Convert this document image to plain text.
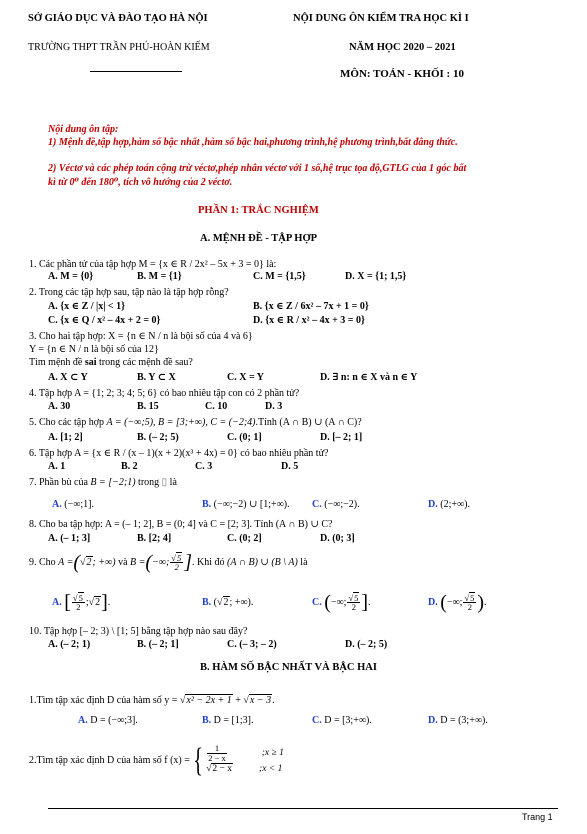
SỞ GIÁO DỤC VÀ ĐÀO TẠO HÀ NỘI
TRƯỜNG THPT TRẦN PHÚ-HOÀN KIẾM
NỘI DUNG ÔN KIỂM TRA HỌC KÌ I
NĂM HỌC 2020 – 2021
MÔN: TOÁN - KHỐI : 10
Nội dung ôn tập:
1) Mệnh đề,tập hợp,hàm số bậc nhất ,hàm số bậc hai,phương trình,hệ phương trình,bất đẳng thức.
2) Véctơ và các phép toán cộng trừ véctơ,phép nhân véctơ với 1 số,hệ trục tọa độ,GTLG của 1 góc bất
kì từ 0⁰ đến 180⁰, tích vô hướng của 2 véctơ.
PHẦN 1: TRẮC NGHIỆM
A. MỆNH ĐỀ - TẬP HỢP
1. Các phần tử của tập hợp M = {x ∈ R / 2x² – 5x + 3 = 0} là:
A. M = {0}	B. M = {1}	C. M = {1,5}	D. X = {1; 1,5}
2. Trong các tập hợp sau, tập nào là tập hợp rỗng?
A. {x ∈ Z / |x| < 1}	B. {x ∈ Z / 6x² – 7x + 1 = 0}
C. {x ∈ Q / x² – 4x + 2 = 0}	D. {x ∈ R / x² – 4x + 3 = 0}
3. Cho hai tập hợp: X = {n ∈ N / n là bội số của 4 và 6}
Y = {n ∈ N / n là bội số của 12}
Tìm mệnh đề sai trong các mệnh đề sau?
A. X ⊂ Y	B. Y ⊂ X	C. X = Y	D. ∃ n: n ∈ X và n ∈ Y
4. Tập hợp A = {1; 2; 3; 4; 5; 6} có bao nhiêu tập con có 2 phần tử?
A. 30	B. 15	C. 10	D. 3
5. Cho các tập hợp A = (−∞;5), B = [3;+∞), C = (−2;4).Tính (A ∩ B) ∪ (A ∩ C)?
A. [1; 2]	B. (– 2; 5)	C. (0; 1]	D. [– 2; 1]
6. Tập hợp A = {x ∈ R / (x – 1)(x + 2)(x³ + 4x) = 0} có bao nhiêu phần tử?
A. 1	B. 2	C. 3	D. 5
7. Phần bù của B = [−2;1) trong ▯ là
A. (−∞;1].	B. (−∞;−2) ∪ [1;+∞). C. (−∞;−2).	D. (2;+∞).
8. Cho ba tập hợp: A = (– 1; 2], B = (0; 4] và C = [2; 3]. Tính (A ∩ B) ∪ C?
A. (– 1; 3]	B. [2; 4]	C. (0; 2]	D. (0; 3]
9. Cho A =(√2; +∞) và B =(−∞; $\frac{√5}{2}$ ]. Khi đó (A ∩ B) ∪ (B \ A) là
A. [ $\frac{√5}{2}$ ;√2].	B. (√2; +∞).	C. (−∞; $\frac{√5}{2}$ ].	D. (−∞; $\frac{√5}{2}$ ).
10. Tập hợp [– 2; 3) \ [1; 5] bằng tập hợp nào sau đây?
A. (– 2; 1)	B. (– 2; 1]	C. (– 3; – 2)	D. (– 2; 5)
B. HÀM SỐ BẬC NHẤT VÀ BẬC HAI
1.Tìm tập xác định D của hàm số y = √x² − 2x + 1 + √x − 3.
A. D = (−∞;3].	B. D = [1;3].	C. D = [3;+∞).	D. D = (3;+∞).
2.Tìm tập xác định D của hàm số f (x) ={ $\frac{1}{2 - x}$	;x ≥ 1
√2 − x	;x < 1
Trang 1
